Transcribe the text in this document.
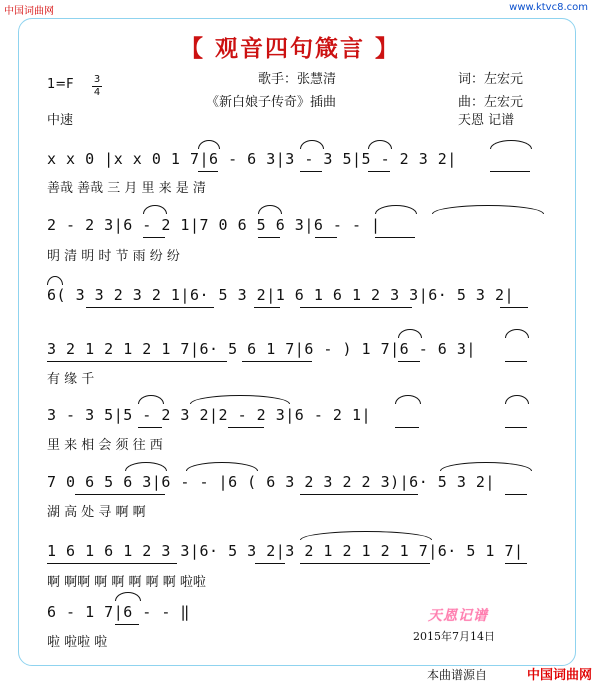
中国词曲网	www.ktvc8.com
【 观音四句箴言 】
1=F 3
4
中速
歌手：张慧清
《新白娘子传奇》插曲
词：左宏元
曲：左宏元
天恩 记谱
x x 0 |x x 0 1 7|6 - 6 3|3 - 3 5|5 - 2 3 2|
善哉 善哉 三 月 里 来 是 清
2 - 2 3|6 - 2 1|7 0 6 5 6 3|6 - - |
明 清 明 时 节 雨 纷 纷
6( 3 3 2 3 2 1|6· 5 3 2|1 6 1 6 1 2 3 3|6· 5 3 2|
3 2 1 2 1 2 1 7|6· 5 6 1 7|6 - ) 1 7|6 - 6 3|
有 缘 千
3 - 3 5|5 - 2 3 2|2 - 2 3|6 - 2 1|
里 来 相 会 须 往 西
7 0 6 5 6 3|6 - - |6 ( 6 3 2 3 2 2 3)|6· 5 3 2|
湖 高 处 寻 啊 啊
1 6 1 6 1 2 3 3|6· 5 3 2|3 2 1 2 1 2 1 7|6· 5 1 7|
啊 啊啊 啊 啊 啊 啊 啊 啦啦
6 - 1 7|6 - - ‖
啦 啦啦 啦
天恩记谱
2015年7月14日
本曲谱源自	中国词曲网
